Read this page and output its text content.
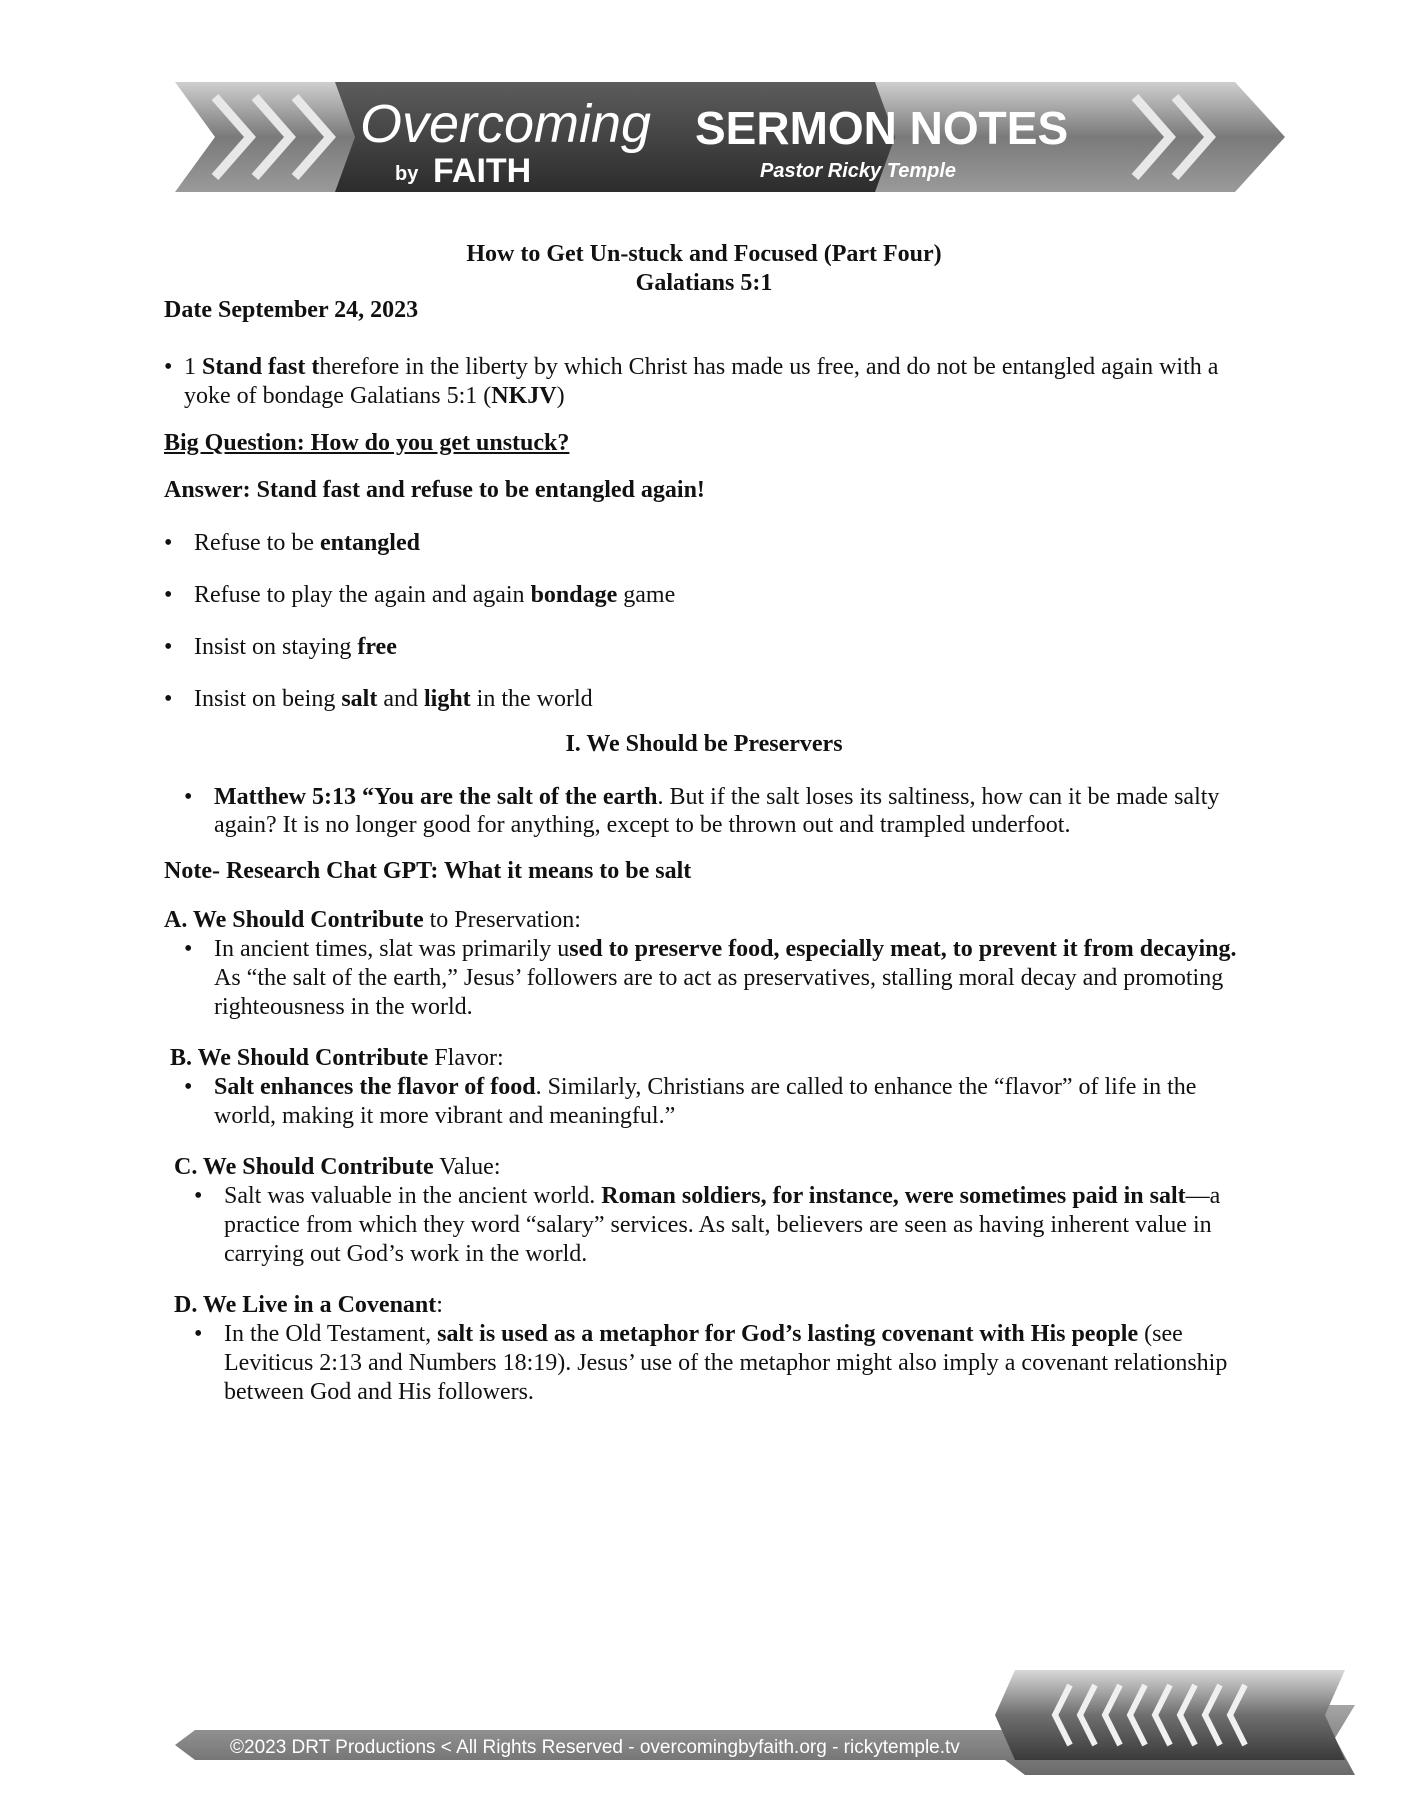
Overcoming
by FAITH
SERMON NOTES
Pastor Ricky Temple
How to Get Un-stuck and Focused (Part Four)
Galatians 5:1
Date September 24, 2023
• 1 Stand fast therefore in the liberty by which Christ has made us free, and do not be entangled again with a yoke of bondage Galatians 5:1 (NKJV)
Big Question: How do you get unstuck?
Answer: Stand fast and refuse to be entangled again!
• Refuse to be entangled
• Refuse to play the again and again bondage game
• Insist on staying free
• Insist on being salt and light in the world
I. We Should be Preservers
• Matthew 5:13 “You are the salt of the earth. But if the salt loses its saltiness, how can it be made salty again? It is no longer good for anything, except to be thrown out and trampled underfoot.
Note- Research Chat GPT: What it means to be salt
A. We Should Contribute to Preservation:
• In ancient times, slat was primarily used to preserve food, especially meat, to prevent it from decaying. As “the salt of the earth,” Jesus’ followers are to act as preservatives, stalling moral decay and promoting righteousness in the world.
B. We Should Contribute Flavor:
• Salt enhances the flavor of food. Similarly, Christians are called to enhance the “flavor” of life in the world, making it more vibrant and meaningful.”
C. We Should Contribute Value:
• Salt was valuable in the ancient world. Roman soldiers, for instance, were sometimes paid in salt—a practice from which they word “salary” services. As salt, believers are seen as having inherent value in carrying out God’s work in the world.
D. We Live in a Covenant:
• In the Old Testament, salt is used as a metaphor for God’s lasting covenant with His people (see Leviticus 2:13 and Numbers 18:19). Jesus’ use of the metaphor might also imply a covenant relationship between God and His followers.
©2023 DRT Productions < All Rights Reserved - overcomingbyfaith.org - rickytemple.tv
